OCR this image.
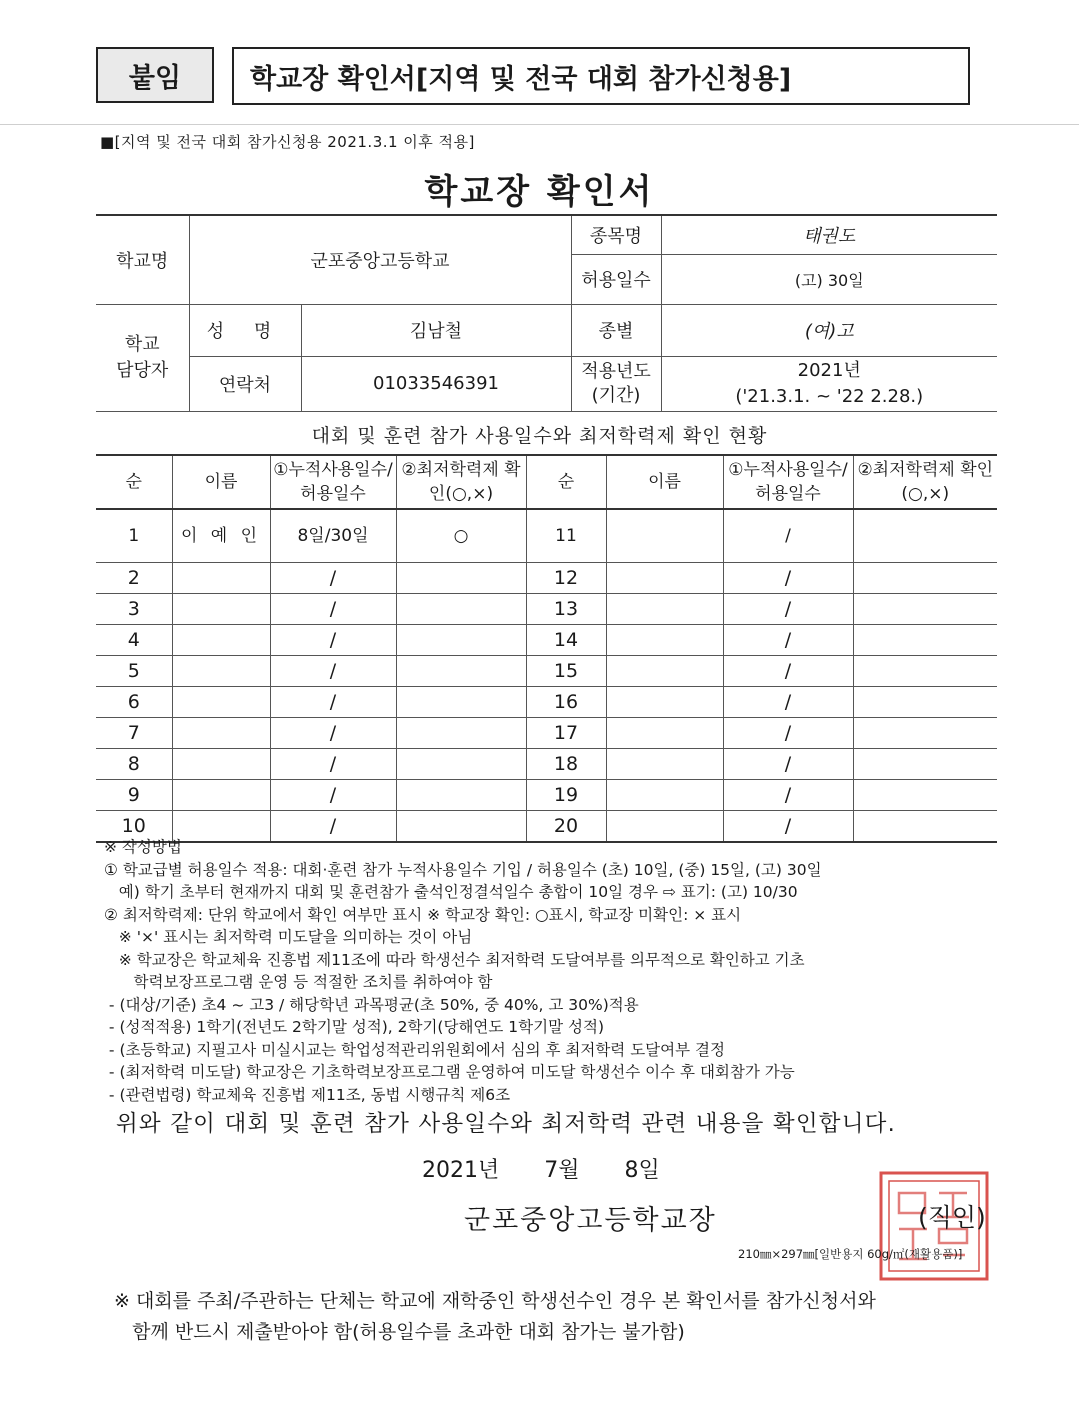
붙임	학교장 확인서[지역 및 전국 대회 참가신청용]
■[지역 및 전국 대회 참가신청용 2021.3.1 이후 적용]
학교장 확인서
학교명	군포중앙고등학교		종목명	태권도
			허용일수	(고) 30일
학교 담당자	성 명	김남철	종별	(여)고
	연락처	01033546391	적용년도 (기간)	2021년
('21.3.1. ~ '22 2.28.)
대회 및 훈련 참가 사용일수와 최저학력제 확인 현황
순	이름	①누적사용일수/허용일수	②최저학력제 확인(○,×)	순	이름	①누적사용일수/허용일수	②최저학력제 확인(○,×)
1	이 예 인	8일/30일	○	11		/	
2		/		12		/	
3		/		13		/	
4		/		14		/	
5		/		15		/	
6		/		16		/	
7		/		17		/	
8		/		18		/	
9		/		19		/	
10		/		20		/	
※ 작성방법
① 학교급별 허용일수 적용: 대회·훈련 참가 누적사용일수 기입 / 허용일수 (초) 10일, (중) 15일, (고) 30일
예) 학기 초부터 현재까지 대회 및 훈련참가 출석인정결석일수 총합이 10일 경우 ⇨ 표기: (고) 10/30
② 최저학력제: 단위 학교에서 확인 여부만 표시 ※ 학교장 확인: ○표시, 학교장 미확인: × 표시
※ '×' 표시는 최저학력 미도달을 의미하는 것이 아님
※ 학교장은 학교체육 진흥법 제11조에 따라 학생선수 최저학력 도달여부를 의무적으로 확인하고 기초
학력보장프로그램 운영 등 적절한 조치를 취하여야 함
- (대상/기준) 초4 ~ 고3 / 해당학년 과목평균(초 50%, 중 40%, 고 30%)적용
- (성적적용) 1학기(전년도 2학기말 성적), 2학기(당해연도 1학기말 성적)
- (초등학교) 지필고사 미실시교는 학업성적관리위원회에서 심의 후 최저학력 도달여부 결정
- (최저학력 미도달) 학교장은 기초학력보장프로그램 운영하여 미도달 학생선수 이수 후 대회참가 가능
- (관련법령) 학교체육 진흥법 제11조, 동법 시행규칙 제6조
위와 같이 대회 및 훈련 참가 사용일수와 최저학력 관련 내용을 확인합니다.
2021년 7월 8일
군포중앙고등학교장	(직인)
210㎜×297㎜[일반용지 60g/㎡(재활용품)]
※ 대회를 주최/주관하는 단체는 학교에 재학중인 학생선수인 경우 본 확인서를 참가신청서와
함께 반드시 제출받아야 함(허용일수를 초과한 대회 참가는 불가함)
